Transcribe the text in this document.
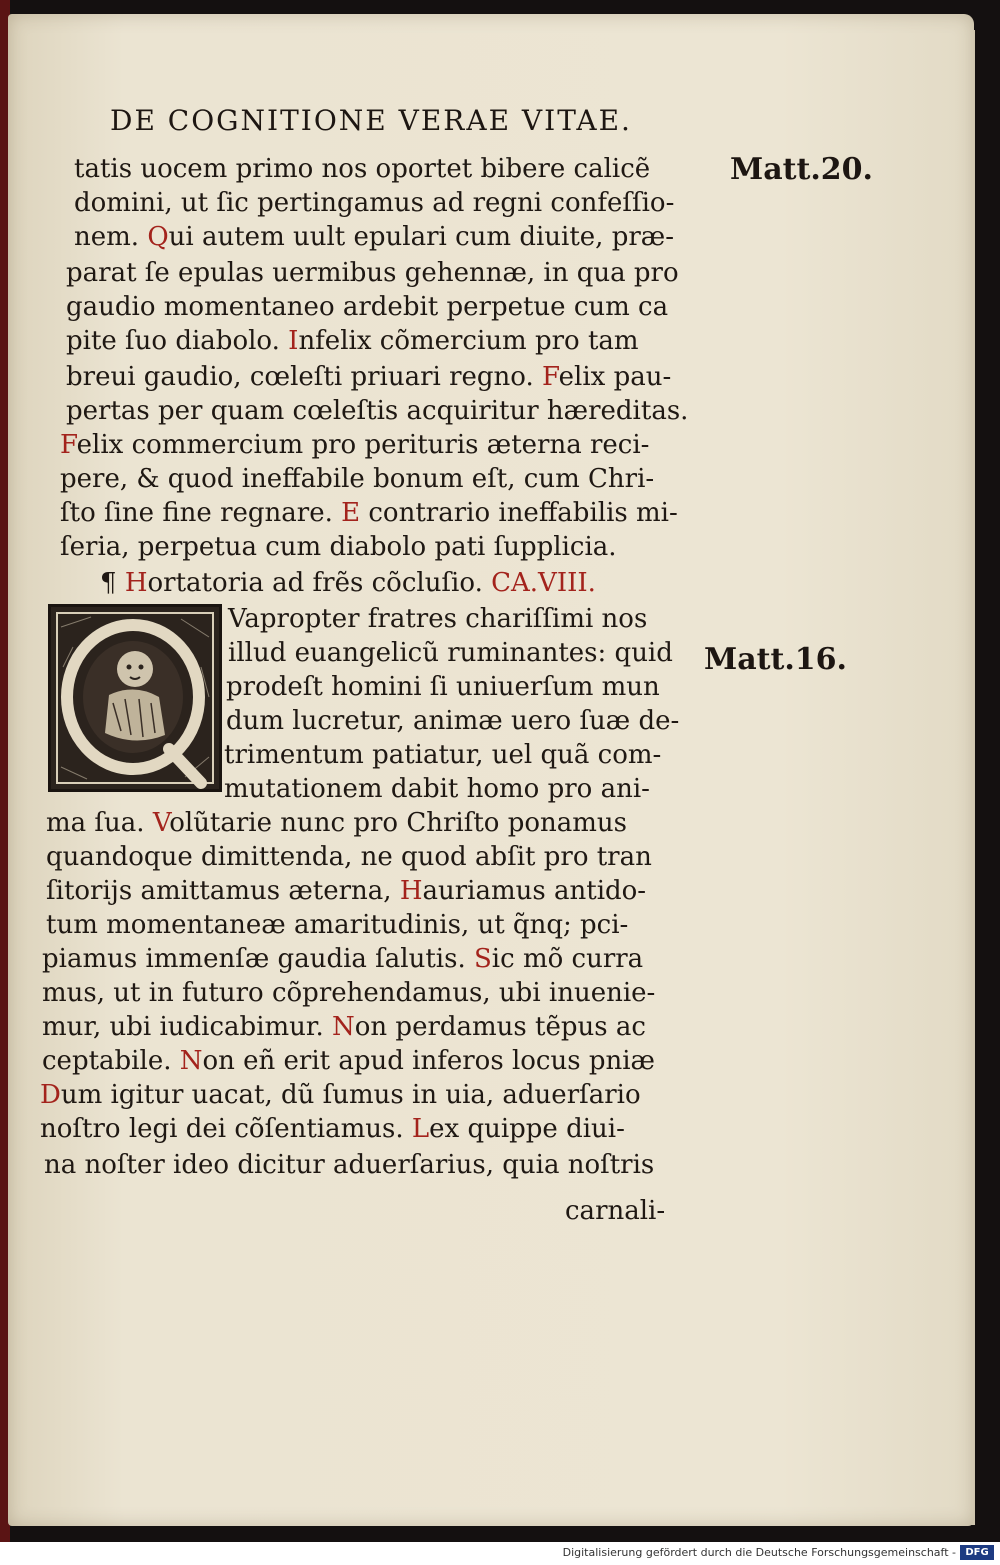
DE COGNITIONE VERAE VITAE.
tatis uocem primo nos oportet bibere calicẽ
domini, ut ſic pertingamus ad regni confeſſio-
nem. Qui autem uult epulari cum diuite, præ-
parat ſe epulas uermibus gehennæ, in qua pro
gaudio momentaneo ardebit perpetue cum ca
pite ſuo diabolo. Infelix cõmercium pro tam
breui gaudio, cœleſti priuari regno. Felix pau-
pertas per quam cœleſtis acquiritur hæreditas.
Felix commercium pro perituris æterna reci-
pere, & quod ineffabile bonum eſt, cum Chri-
ſto ſine fine regnare. E contrario ineffabilis mi-
ſeria, perpetua cum diabolo pati ſupplicia.
¶ Hortatoria ad frẽs cõcluſio. CA.VIII.
Vapropter fratres chariſſimi nos
illud euangelicũ ruminantes: quid
prodeſt homini ſi uniuerſum mun
dum lucretur, animæ uero ſuæ de-
trimentum patiatur, uel quã com-
mutationem dabit homo pro ani-
ma ſua. Volũtarie nunc pro Chriſto ponamus
quandoque dimittenda, ne quod abſit pro tran
ſitorijs amittamus æterna, Hauriamus antido-
tum momentaneæ amaritudinis, ut q̃nq; pci-
piamus immenſæ gaudia ſalutis. Sic mõ curra
mus, ut in futuro cõprehendamus, ubi inuenie-
mur, ubi iudicabimur. Non perdamus tẽpus ac
ceptabile. Non eñ erit apud inferos locus pniæ
Dum igitur uacat, dũ ſumus in uia, aduerſario
noſtro legi dei cõſentiamus. Lex quippe diui-
na noſter ideo dicitur aduerſarius, quia noſtris
Matt.20.
Matt.16.
carnali-
Digitalisierung gefördert durch die Deutsche Forschungsgemeinschaft - DFG
